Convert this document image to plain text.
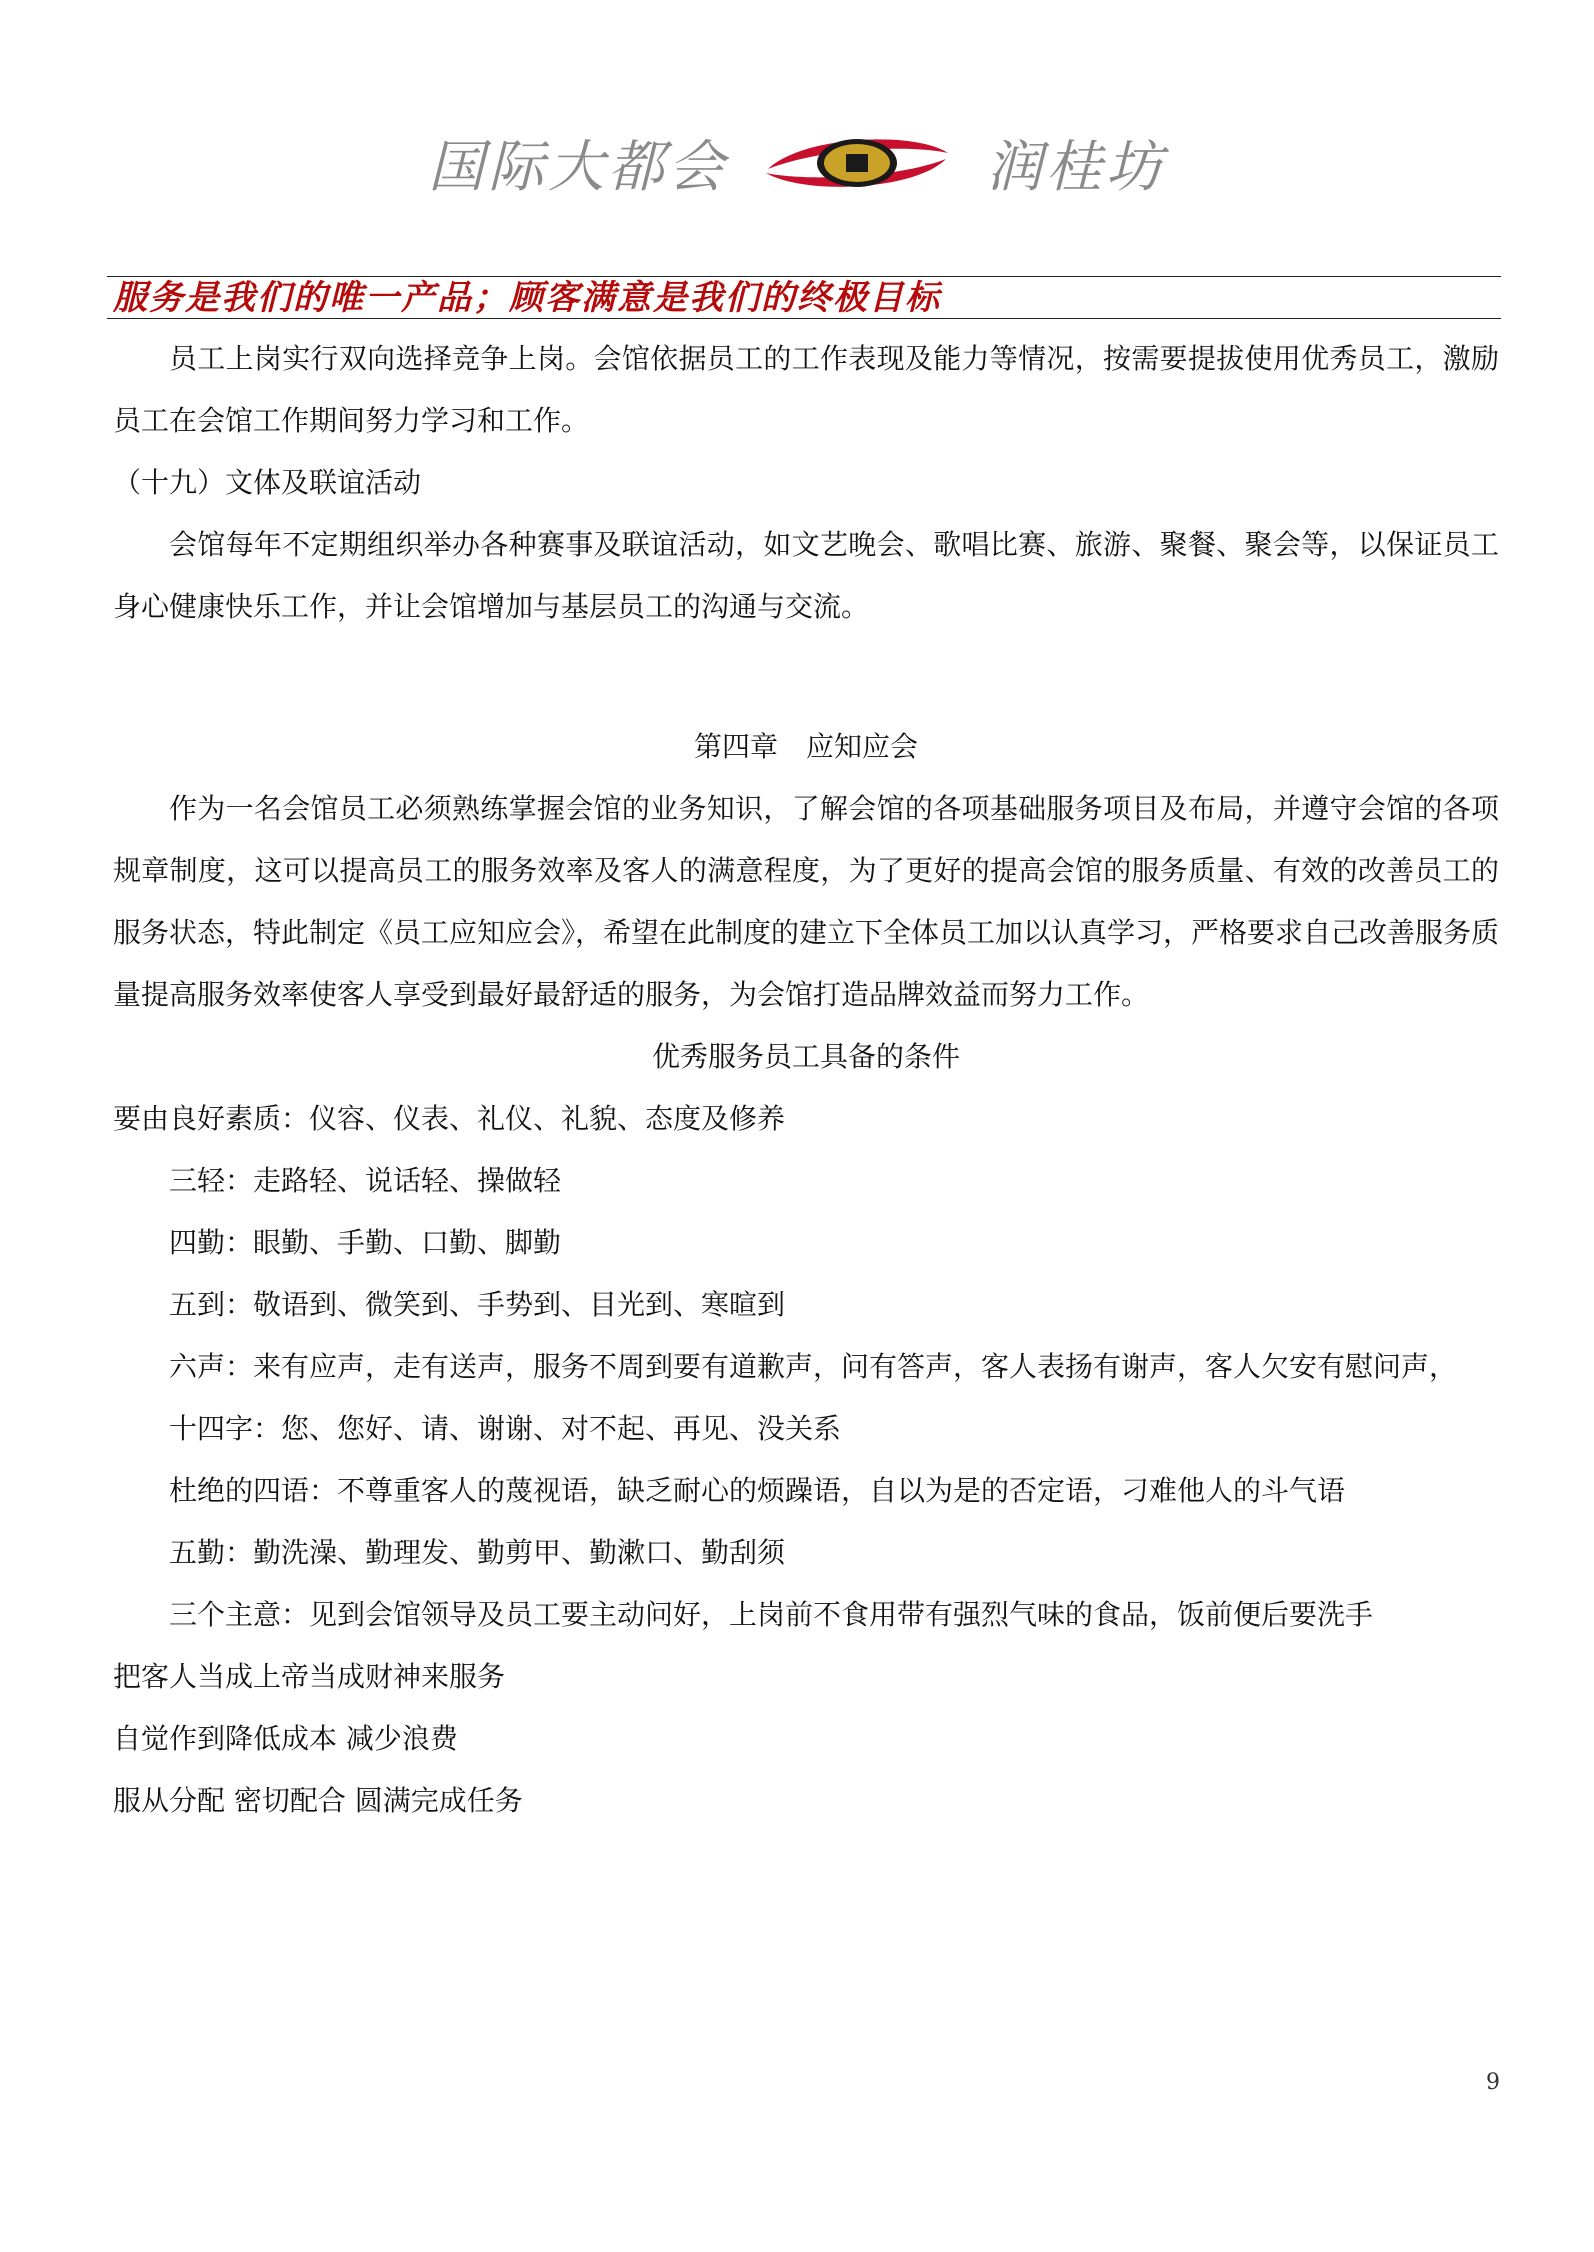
国际大都会	润桂坊
服务是我们的唯一产品；顾客满意是我们的终极目标

员工上岗实行双向选择竞争上岗。会馆依据员工的工作表现及能力等情况，按需要提拔使用优秀员工，激励员工在会馆工作期间努力学习和工作。

（十九）文体及联谊活动

会馆每年不定期组织举办各种赛事及联谊活动，如文艺晚会、歌唱比赛、旅游、聚餐、聚会等，以保证员工身心健康快乐工作，并让会馆增加与基层员工的沟通与交流。

第四章　应知应会

作为一名会馆员工必须熟练掌握会馆的业务知识，了解会馆的各项基础服务项目及布局，并遵守会馆的各项规章制度，这可以提高员工的服务效率及客人的满意程度，为了更好的提高会馆的服务质量、有效的改善员工的服务状态，特此制定《员工应知应会》，希望在此制度的建立下全体员工加以认真学习，严格要求自己改善服务质量提高服务效率使客人享受到最好最舒适的服务，为会馆打造品牌效益而努力工作。

优秀服务员工具备的条件

要由良好素质：仪容、仪表、礼仪、礼貌、态度及修养

三轻：走路轻、说话轻、操做轻

四勤：眼勤、手勤、口勤、脚勤

五到：敬语到、微笑到、手势到、目光到、寒暄到

六声：来有应声，走有送声，服务不周到要有道歉声，问有答声，客人表扬有谢声，客人欠安有慰问声，

十四字：您、您好、请、谢谢、对不起、再见、没关系

杜绝的四语：不尊重客人的蔑视语，缺乏耐心的烦躁语，自以为是的否定语，刁难他人的斗气语

五勤：勤洗澡、勤理发、勤剪甲、勤漱口、勤刮须

三个主意：见到会馆领导及员工要主动问好，上岗前不食用带有强烈气味的食品，饭前便后要洗手

把客人当成上帝当成财神来服务

自觉作到降低成本 减少浪费

服从分配 密切配合 圆满完成任务

9
